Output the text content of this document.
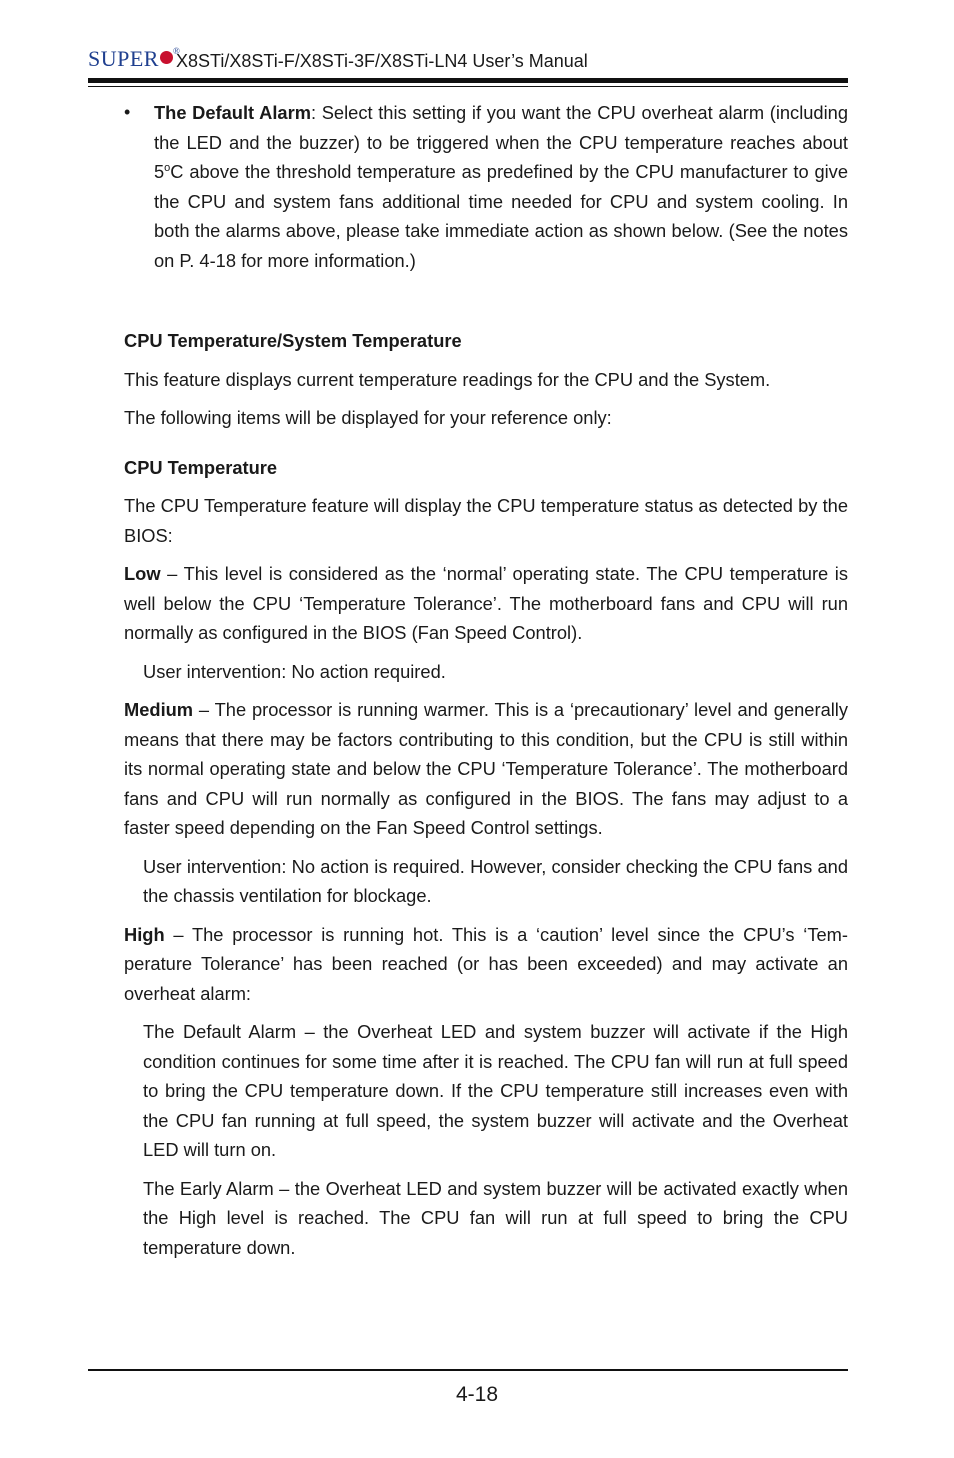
SUPER ®
X8STi/X8STi-F/X8STi-3F/X8STi-LN4 User’s Manual
• The Default Alarm: Select this setting if you want the CPU overheat alarm (including the LED and the buzzer) to be triggered when the CPU temperature reaches about 5$^o$C above the threshold temperature as predefined by the CPU manufacturer to give the CPU and system fans additional time needed for CPU and system cooling. In both the alarms above, please take immediate action as shown below. (See the notes on P. 4-18 for more information.)

CPU Temperature/System Temperature

This feature displays current temperature readings for the CPU and the System.

The following items will be displayed for your reference only:

CPU Temperature

The CPU Temperature feature will display the CPU temperature status as detected by the BIOS:

Low – This level is considered as the ‘normal’ operating state. The CPU temperature is well below the CPU ‘Temperature Tolerance’. The motherboard fans and CPU will run normally as configured in the BIOS (Fan Speed Control).

User intervention: No action required.

Medium – The processor is running warmer. This is a ‘precautionary’ level and generally means that there may be factors contributing to this condition, but the CPU is still within its normal operating state and below the CPU ‘Temperature Tolerance’. The motherboard fans and CPU will run normally as configured in the BIOS. The fans may adjust to a faster speed depending on the Fan Speed Control settings.

User intervention: No action is required. However, consider checking the CPU fans and the chassis ventilation for blockage.

High – The processor is running hot. This is a ‘caution’ level since the CPU’s ‘Tem-perature Tolerance’ has been reached (or has been exceeded) and may activate an overheat alarm:

The Default Alarm – the Overheat LED and system buzzer will activate if the High condition continues for some time after it is reached. The CPU fan will run at full speed to bring the CPU temperature down. If the CPU temperature still increases even with the CPU fan running at full speed, the system buzzer will activate and the Overheat LED will turn on.

The Early Alarm – the Overheat LED and system buzzer will be activated exactly when the High level is reached. The CPU fan will run at full speed to bring the CPU temperature down.

4-18
